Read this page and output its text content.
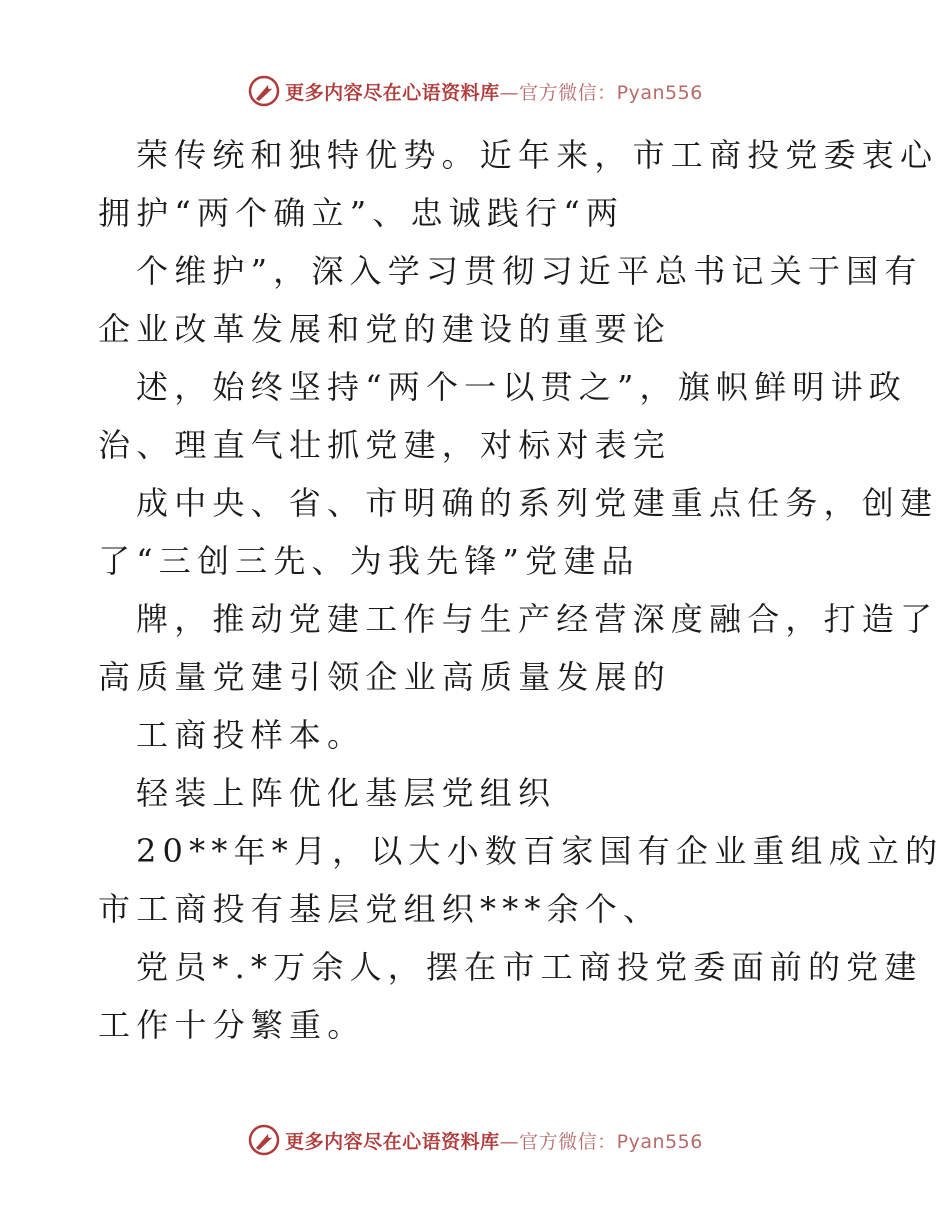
更多内容尽在心语资料库—官方微信：Pyan556
荣传统和独特优势。近年来，市工商投党委衷心
拥护“两个确立”、忠诚践行“两
个维护”，深入学习贯彻习近平总书记关于国有
企业改革发展和党的建设的重要论
述，始终坚持“两个一以贯之”，旗帜鲜明讲政
治、理直气壮抓党建，对标对表完
成中央、省、市明确的系列党建重点任务，创建
了“三创三先、为我先锋”党建品
牌，推动党建工作与生产经营深度融合，打造了
高质量党建引领企业高质量发展的
工商投样本。
轻装上阵优化基层党组织
20**年*月，以大小数百家国有企业重组成立的
市工商投有基层党组织***余个、
党员*.*万余人，摆在市工商投党委面前的党建
工作十分繁重。
更多内容尽在心语资料库—官方微信：Pyan556
